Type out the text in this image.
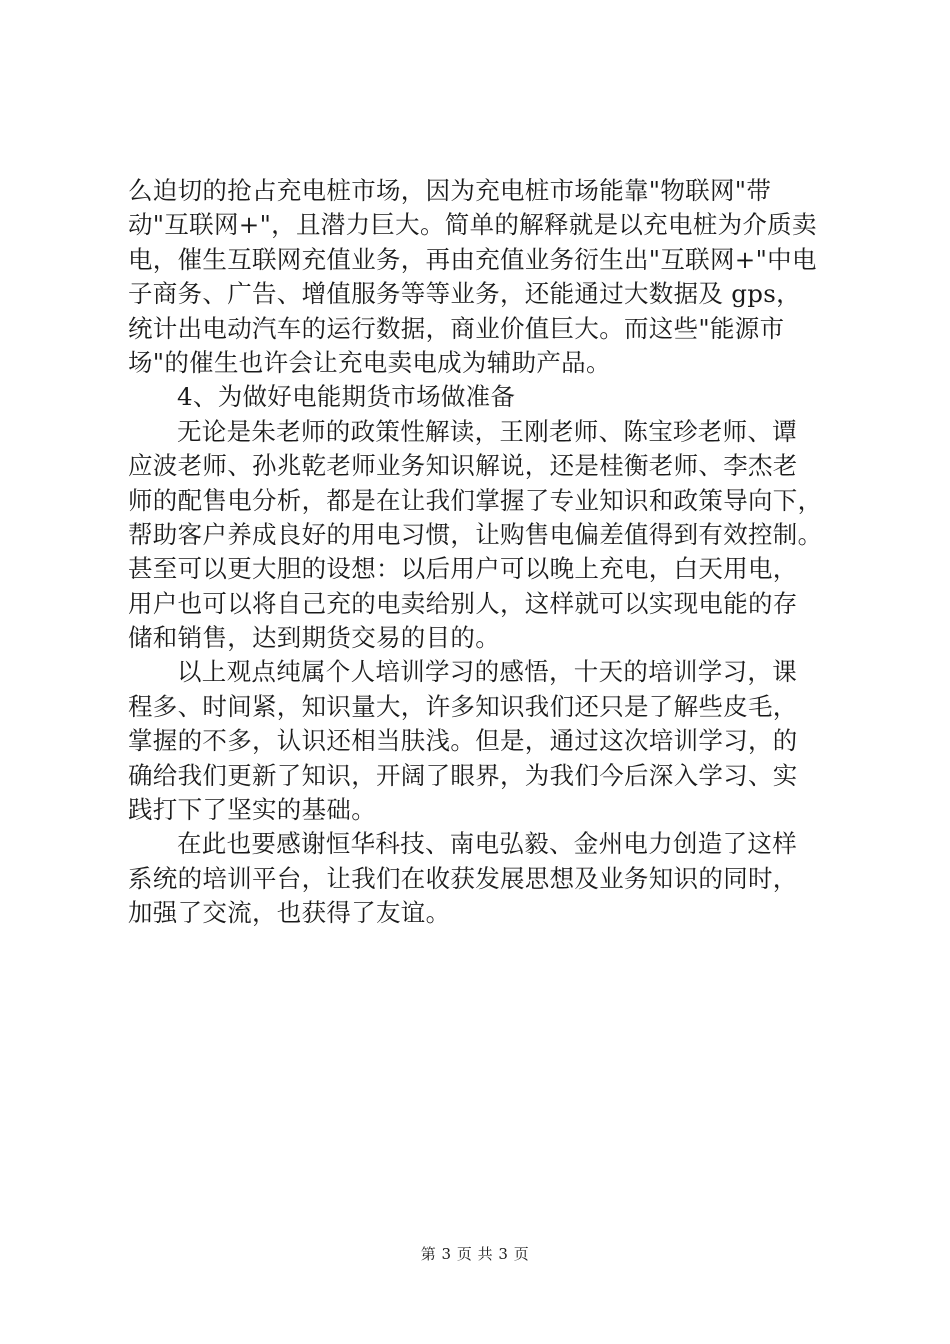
么迫切的抢占充电桩市场，因为充电桩市场能靠"物联网"带
动"互联网+"，且潜力巨大。简单的解释就是以充电桩为介质卖
电，催生互联网充值业务，再由充值业务衍生出"互联网+"中电
子商务、广告、增值服务等等业务，还能通过大数据及 gps，
统计出电动汽车的运行数据，商业价值巨大。而这些"能源市
场"的催生也许会让充电卖电成为辅助产品。
4、为做好电能期货市场做准备
无论是朱老师的政策性解读，王刚老师、陈宝珍老师、谭
应波老师、孙兆乾老师业务知识解说，还是桂衡老师、李杰老
师的配售电分析，都是在让我们掌握了专业知识和政策导向下，
帮助客户养成良好的用电习惯，让购售电偏差值得到有效控制。
甚至可以更大胆的设想：以后用户可以晚上充电，白天用电，
用户也可以将自己充的电卖给别人，这样就可以实现电能的存
储和销售，达到期货交易的目的。
以上观点纯属个人培训学习的感悟，十天的培训学习，课
程多、时间紧，知识量大，许多知识我们还只是了解些皮毛，
掌握的不多，认识还相当肤浅。但是，通过这次培训学习，的
确给我们更新了知识，开阔了眼界，为我们今后深入学习、实
践打下了坚实的基础。
在此也要感谢恒华科技、南电弘毅、金州电力创造了这样
系统的培训平台，让我们在收获发展思想及业务知识的同时，
加强了交流，也获得了友谊。
第 3 页 共 3 页
